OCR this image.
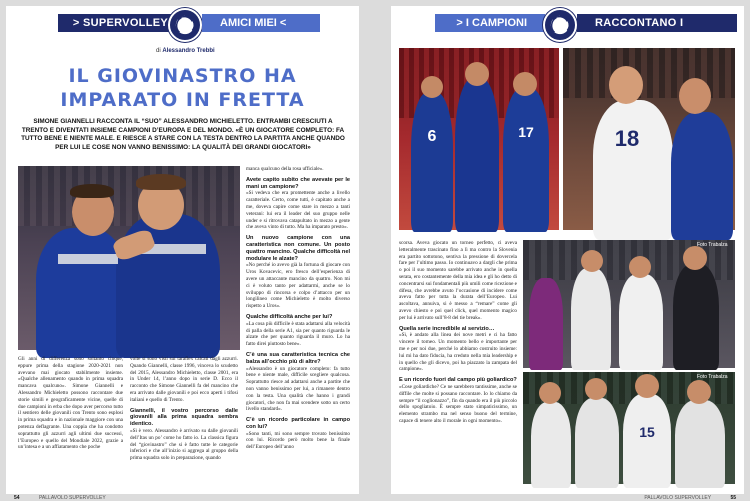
> SUPERVOLLEY	AMICI MIEI <
di Alessandro Trebbi
IL GIOVINASTRO HA
IMPARATO IN FRETTA
SIMONE GIANNELLI RACCONTA IL “SUO” ALESSANDRO MICHIELETTO. ENTRAMBI CRESCIUTI A TRENTO E DIVENTATI INSIEME CAMPIONI D’EUROPA E DEL MONDO. «È UN GIOCATORE COMPLETO: FA TUTTO BENE E NIENTE MALE. E RIESCE A STARE CON LA TESTA DENTRO LA PARTITA ANCHE QUANDO PER LUI LE COSE NON VANNO BENISSIMO: LA QUALITÀ DEI GRANDI GIOCATORI»

manca qualcuno della rosa ufficiale».

Avete capito subito che avevate per le mani un campione?

«Si vedeva che era promettente anche a livello caratteriale. Certo, come tutti, è capitato anche a me, doveva capire come stare in mezzo a tanti veterani: lui era il leader del suo gruppo nelle under e si ritrovava catapultato in mezzo a gente che aveva vinto di tutto. Ma ha imparato presto».

Un nuovo campione con una caratteristica non comune. Un posto quattro mancino. Qualche difficoltà nel modulare le alzate?

«No perché io avevo già la fortuna di giocare con Uros Kovacevic, ero fresco dell’esperienza di avere un attaccante mancino da quattro. Non mi ci è voluto tanto per adattarmi, anche se lo sviluppo di rincorsa e colpo d’attacco per un longilineo come Michieletto è molto diverso rispetto a Uros».

Qualche difficoltà anche per lui?

«La cosa più difficile è stata adattarsi alla velocità di palla della serie A1, sia per quanto riguarda le alzate che per quanto riguarda il muro. Lo ha fatto direi piuttosto bene».

C’è una sua caratteristica tecnica che balza all’occhio più di altre?

«Alessandro è un giocatore completo: fa tutto bene e niente male, difficile scegliere qualcosa. Soprattutto riesce ad adattarsi anche a partite che non vanno benissimo per lui, a rimanere dentro con la testa. Una qualità che hanno i grandi giocatori, che non fa mai scendere sotto un certo livello standard».

C’è un ricordo particolare in campo con lui?

«Sono tanti, mi sono sempre trovato benissimo con lui. Ricordo però molto bene la finale dell’Europeo dell’anno

Gli anni di differenza sono soltanto cinque, eppure prima della stagione 2020-2021 non avevano mai giocato stabilmente insieme. «Qualche allenamento quando in prima squadra mancava qualcuno». Simone Giannelli e Alessandro Michieletto possono raccontare due storie simili e geograficamente vicine, quelle di due campioni in erba che dopo aver percorso tutto il sentiero delle giovanili con Trento sono esplosi in prima squadra e in nazionale maggiore con una potenza deflagrante. Una coppia che ha condotto soprattutto gli azzurri agli ultimi due successi, l’Europeo e quello del Mondiale 2022, grazie a un’intesa e a un affiatamento che poche

volte si sono visti sui taraflex calcati dagli azzurri. Quando Giannelli, classe 1996, vinceva lo scudetto del 2015, Alessandro Michieletto, classe 2001, era in Under 14, l’anno dopo in serie D. Ecco il racconto che Simone Giannelli fa del mancino che era arrivato dalle giovanili e poi ecco aperti i tifosi italiani e quello di Trento.

Giannelli, il vostro percorso dalle giovanili alla prima squadra sembra identico.

«Sì è vero. Alessandro è arrivato su dalle giovanili dell’Itas un po’ come ho fatto io. La classica figura del “giovinastro” che si è fatto tutte le categorie inferiori e che all’inizio si aggrega al gruppo della prima squadra solo in preparazione, quando

54	PALLAVOLO SUPERVOLLEY
> I CAMPIONI	RACCONTANO I CAMPIONI <
6	17	18

scorsa. Aveva giocato un torneo perfetto, ci aveva letteralmente trascinato fino a lì ma contro la Slovenia era partito sottotono, sentiva la pressione di dovercela fare per l’ultimo passo. Io continuavo a dargli che prima o poi il suo momento sarebbe arrivato anche in quella serata, ero costantemente della mia idea e gli ho detto di concentrarsi sui fondamentali più umili come ricezione e difesa, che avrebbe avuto l’occasione di incidere come aveva fatto per tutta la durata dell’Europeo. Lui ascoltava, annuiva, si è messo a “remare” come gli avevo chiesto e poi quel click, quel momento magico per lui è arrivato sull’8-8 del tie break».

Quella serie incredibile al servizio…

«Sì, è andato alla linea dei nove metri e ci ha fatto vincere il torneo. Un momento bello e importante per me e per noi due, perché lo abbiamo costruito insieme: lui mi ha dato fiducia, ha creduto nella mia leadership e in quello che gli dicevo, poi ha piazzato la zampata del campione».

E un ricordo fuori dal campo più goliardico?

«Cose goliardiche? Ce ne sarebbero tantissime, anche se diffile che molte si possano raccontare. Io lo chiamo da sempre “il coglionazzo”, fin da quando era il più piccolo dello spogliatoio. È sempre stato simpaticissimo, un elemento strambo ma nel senso buono del termine, capace di tenere alto il morale in ogni momento».

Foto Trabalza
15
Foto Trabalza
PALLAVOLO SUPERVOLLEY	55
